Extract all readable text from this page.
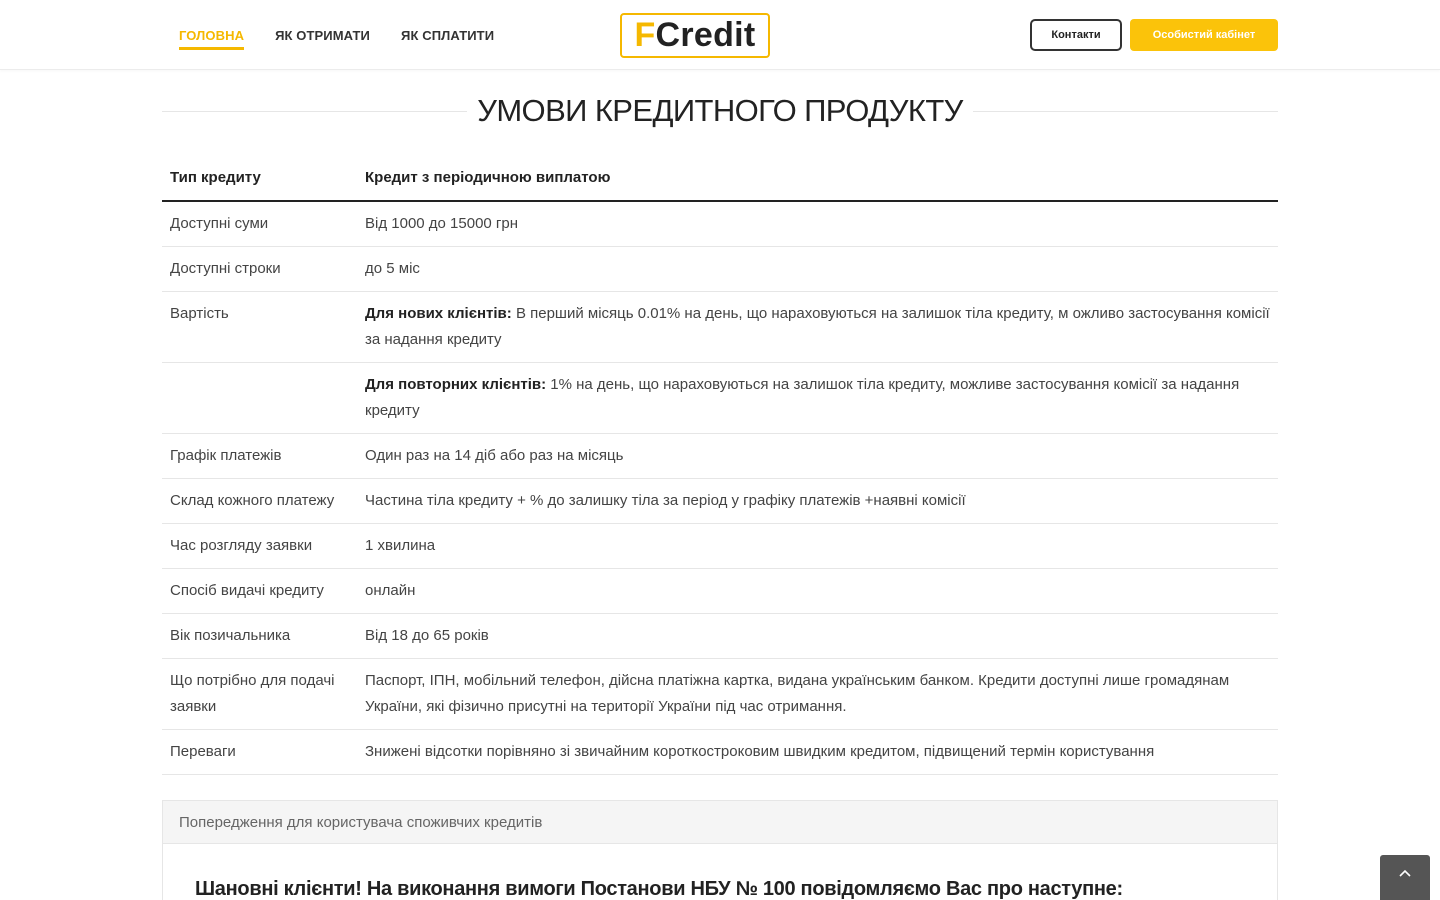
ГОЛОВНА ЯК ОТРИМАТИ ЯК СПЛАТИТИ	F Credit	Контакти	Особистий кабінет
УМОВИ КРЕДИТНОГО ПРОДУКТУ
Тип кредиту	Кредит з періодичною виплатою
Доступні суми	Від 1000 до 15000 грн
Доступні строки	до 5 міс
Вартість	Для нових клієнтів: В перший місяць 0.01% на день, що нараховуються на залишок тіла кредиту, м ожливо застосування комісії за надання кредиту
	Для повторних клієнтів: 1% на день, що нараховуються на залишок тіла кредиту, можливе застосування комісії за надання кредиту
Графік платежів	Один раз на 14 діб або раз на місяць
Склад кожного платежу	Частина тіла кредиту + % до залишку тіла за період у графіку платежів +наявні комісії
Час розгляду заявки	1 хвилина
Спосіб видачі кредиту	онлайн
Вік позичальника	Від 18 до 65 років
Що потрібно для подачі заявки	Паспорт, ІПН, мобільний телефон, дійсна платіжна картка, видана українським банком. Кредити доступні лише громадянам України, які фізично присутні на території України під час отримання.
Переваги	Знижені відсотки порівняно зі звичайним короткостроковим швидким кредитом, підвищений термін користування
Попередження для користувача споживчих кредитів
Шановні клієнти! На виконання вимоги Постанови НБУ № 100 повідомляємо Вас про наступне:
